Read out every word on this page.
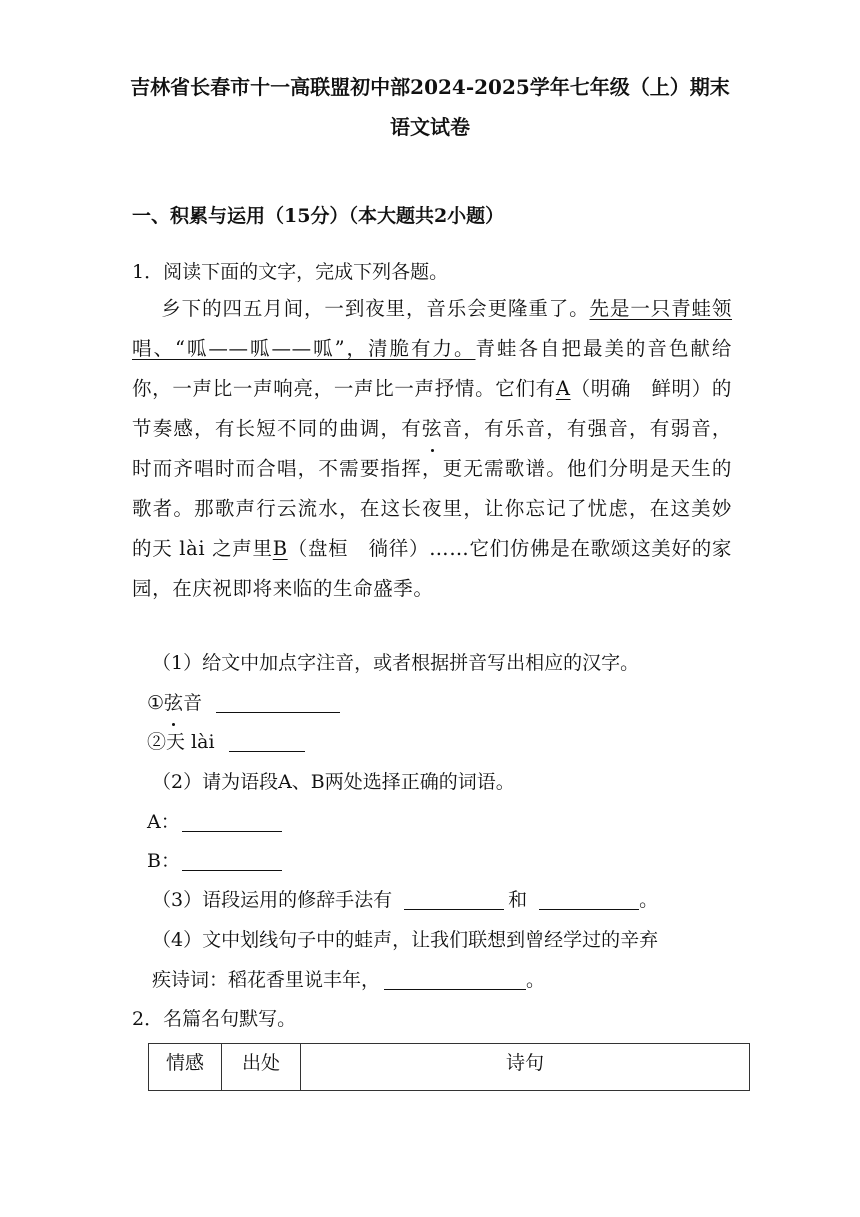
吉林省长春市十一高联盟初中部2024-2025学年七年级（上）期末
语文试卷
一、积累与运用（15分）（本大题共2小题）
1．阅读下面的文字，完成下列各题。
乡下的四五月间，一到夜里，音乐会更隆重了。先是一只青蛙领唱、“呱——呱——呱”，清脆有力。青蛙各自把最美的音色献给你，一声比一声响亮，一声比一声抒情。它们有A（明确　鲜明）的节奏感，有长短不同的曲调，有弦音，有乐音，有强音，有弱音，时而齐唱时而合唱，不需要指挥，更无需歌谱。他们分明是天生的歌者。那歌声行云流水，在这长夜里，让你忘记了忧虑，在这美妙的天 lài 之声里B（盘桓　徜徉）……它们仿佛是在歌颂这美好的家园，在庆祝即将来临的生命盛季。
（1）给文中加点字注音，或者根据拼音写出相应的汉字。
①弦音
②天 lài
（2）请为语段A、B两处选择正确的词语。
A：
B：
（3）语段运用的修辞手法有	和	。
（4）文中划线句子中的蛙声，让我们联想到曾经学过的辛弃
疾诗词：稻花香里说丰年，	。
2．名篇名句默写。
情感	出处	诗句
